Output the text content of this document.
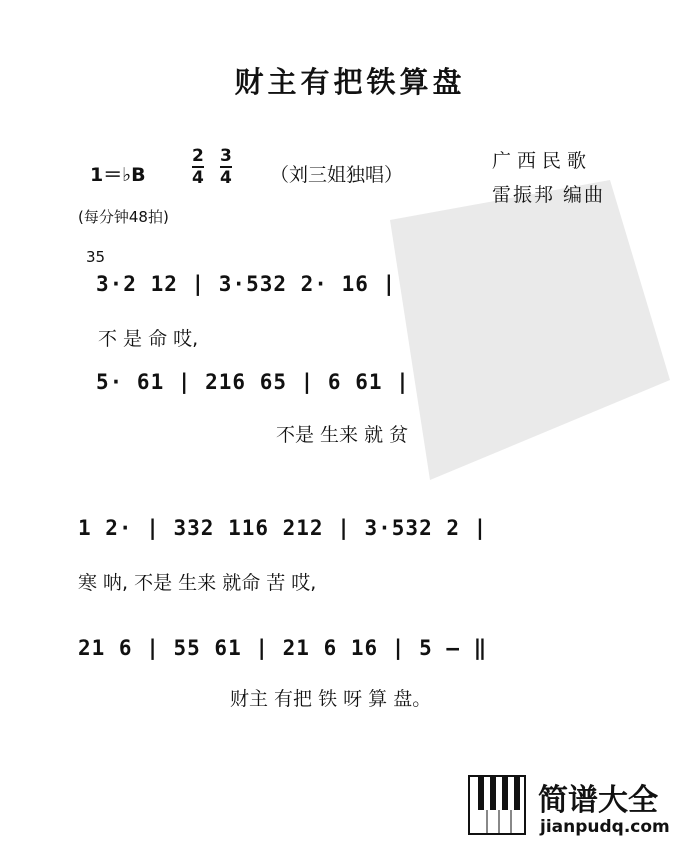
财主有把铁算盘
1＝♭B
2
4
3
4 （刘三姐独唱）
广西民歌
雷振邦 编曲
(每分钟48拍)
35
3·2 12 | 3·532 2· 16 |
不 是 命 哎,
5· 61 | 216 65 | 6 61 |
不是 生来 就 贫
1 2· | 332 116 212 | 3·532 2 |
寒 呐, 不是 生来 就命 苦 哎,
21 6 | 55 61 | 21 6 16 | 5 — ‖
财主 有把 铁 呀 算 盘。
简谱大全
jianpudq.com
